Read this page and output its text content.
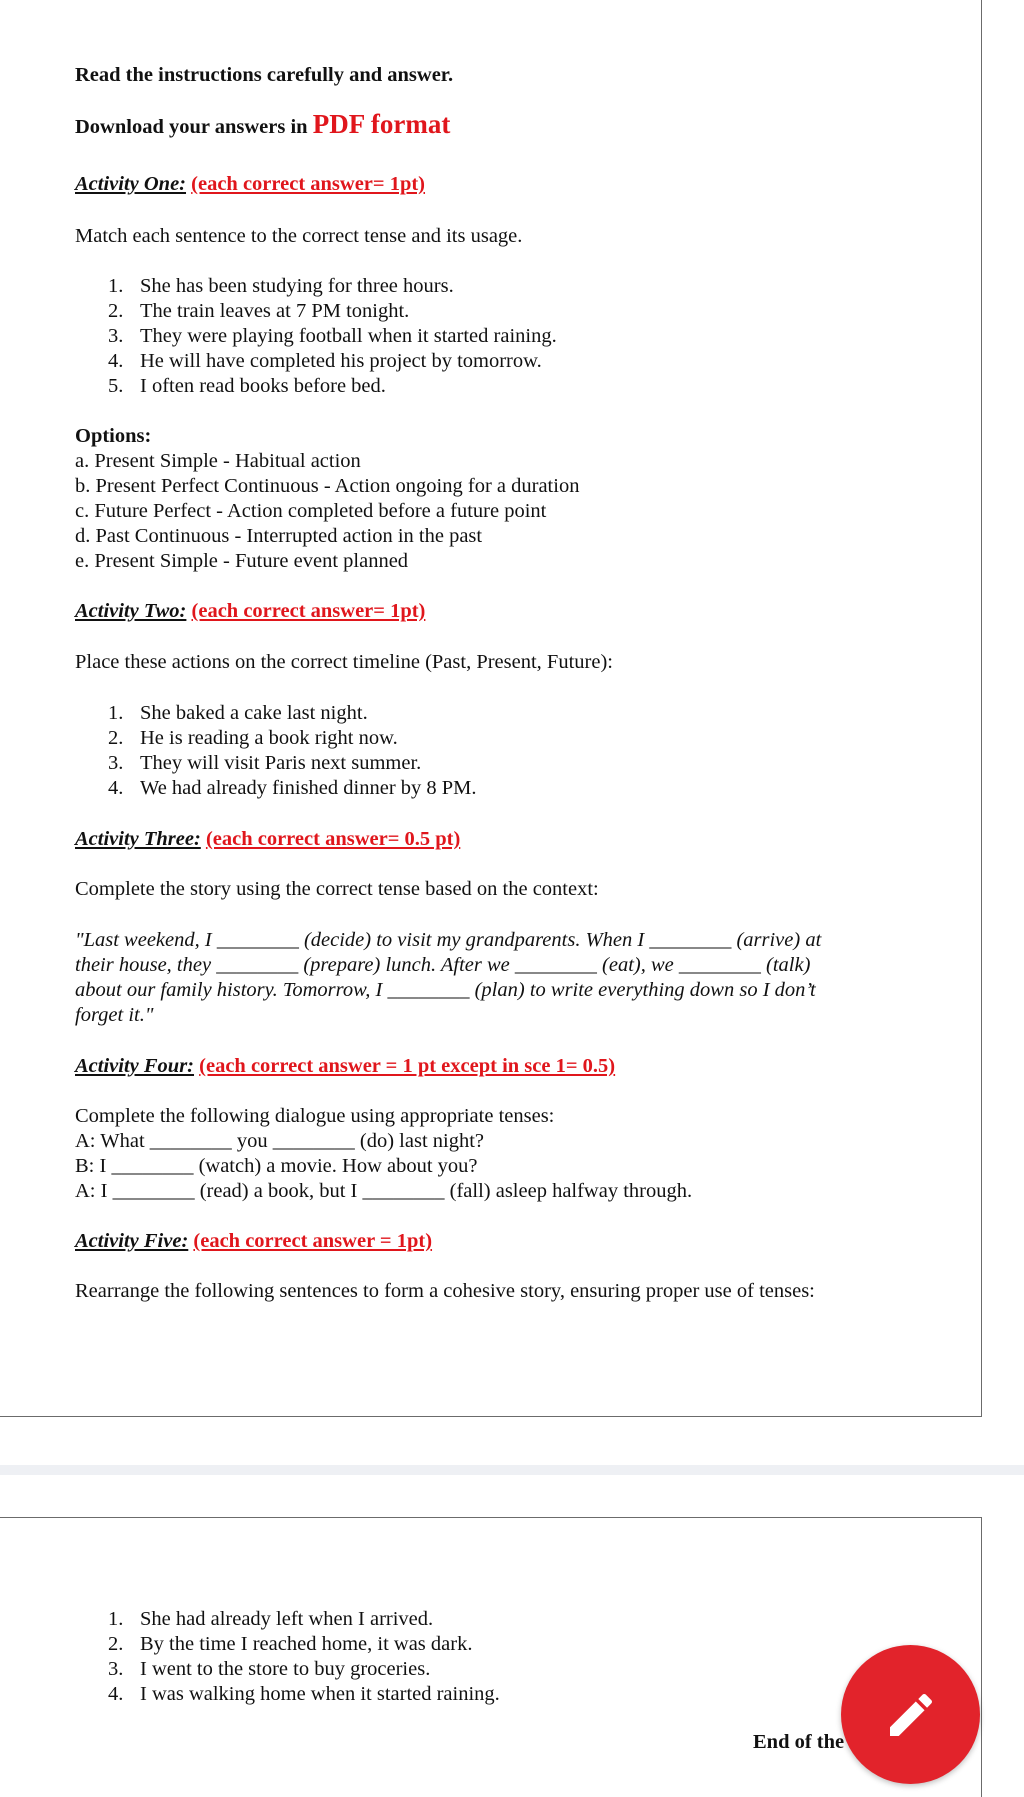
Read the instructions carefully and answer.
Download your answers in PDF format
Activity One: (each correct answer= 1pt)
Match each sentence to the correct tense and its usage.
1. She has been studying for three hours.
2. The train leaves at 7 PM tonight.
3. They were playing football when it started raining.
4. He will have completed his project by tomorrow.
5. I often read books before bed.
Options:
a. Present Simple - Habitual action
b. Present Perfect Continuous - Action ongoing for a duration
c. Future Perfect - Action completed before a future point
d. Past Continuous - Interrupted action in the past
e. Present Simple - Future event planned
Activity Two: (each correct answer= 1pt)
Place these actions on the correct timeline (Past, Present, Future):
1. She baked a cake last night.
2. He is reading a book right now.
3. They will visit Paris next summer.
4. We had already finished dinner by 8 PM.
Activity Three: (each correct answer= 0.5 pt)
Complete the story using the correct tense based on the context:
"Last weekend, I ________ (decide) to visit my grandparents. When I ________ (arrive) at
their house, they ________ (prepare) lunch. After we ________ (eat), we ________ (talk)
about our family history. Tomorrow, I ________ (plan) to write everything down so I don’t
forget it."
Activity Four: (each correct answer = 1 pt except in sce 1= 0.5)
Complete the following dialogue using appropriate tenses:
A: What ________ you ________ (do) last night?
B: I ________ (watch) a movie. How about you?
A: I ________ (read) a book, but I ________ (fall) asleep halfway through.
Activity Five: (each correct answer = 1pt)
Rearrange the following sentences to form a cohesive story, ensuring proper use of tenses:
1. She had already left when I arrived.
2. By the time I reached home, it was dark.
3. I went to the store to buy groceries.
4. I was walking home when it started raining.
End of the
